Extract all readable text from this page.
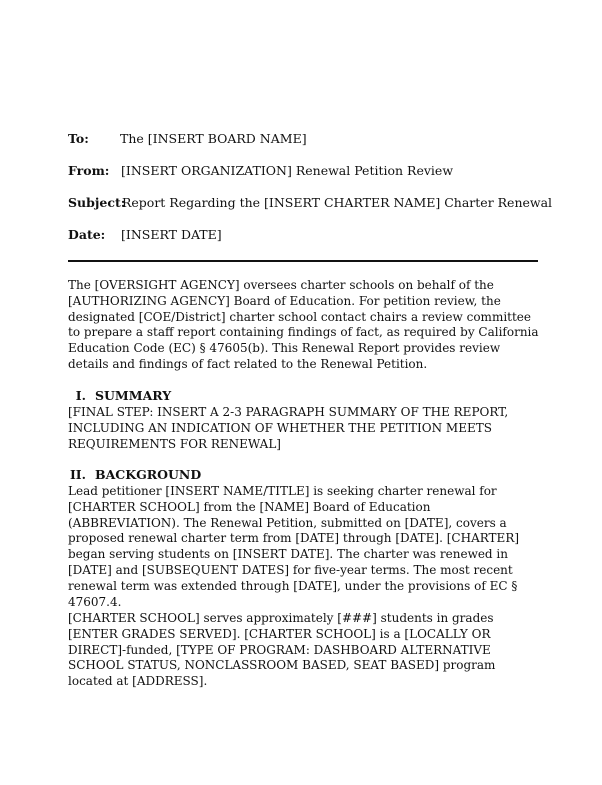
To: The [INSERT BOARD NAME]
From: [INSERT ORGANIZATION] Renewal Petition Review
Subject:Report Regarding the [INSERT CHARTER NAME] Charter Renewal
Date: [INSERT DATE]

The [OVERSIGHT AGENCY] oversees charter schools on behalf of the [AUTHORIZING AGENCY] Board of Education. For petition review, the designated [COE/District] charter school contact chairs a review committee to prepare a staff report containing findings of fact, as required by California Education Code (EC) § 47605(b). This Renewal Report provides review details and findings of fact related to the Renewal Petition.

I. SUMMARY

[FINAL STEP: INSERT A 2-3 PARAGRAPH SUMMARY OF THE REPORT, INCLUDING AN INDICATION OF WHETHER THE PETITION MEETS REQUIREMENTS FOR RENEWAL]

II. BACKGROUND

Lead petitioner [INSERT NAME/TITLE] is seeking charter renewal for [CHARTER SCHOOL] from the [NAME] Board of Education (ABBREVIATION). The Renewal Petition, submitted on [DATE], covers a proposed renewal charter term from [DATE] through [DATE]. [CHARTER] began serving students on [INSERT DATE]. The charter was renewed in [DATE] and [SUBSEQUENT DATES] for five-year terms. The most recent renewal term was extended through [DATE], under the provisions of EC § 47607.4.

[CHARTER SCHOOL] serves approximately [###] students in grades [ENTER GRADES SERVED]. [CHARTER SCHOOL] is a [LOCALLY OR DIRECT]-funded, [TYPE OF PROGRAM: DASHBOARD ALTERNATIVE SCHOOL STATUS, NONCLASSROOM BASED, SEAT BASED] program located at [ADDRESS].
